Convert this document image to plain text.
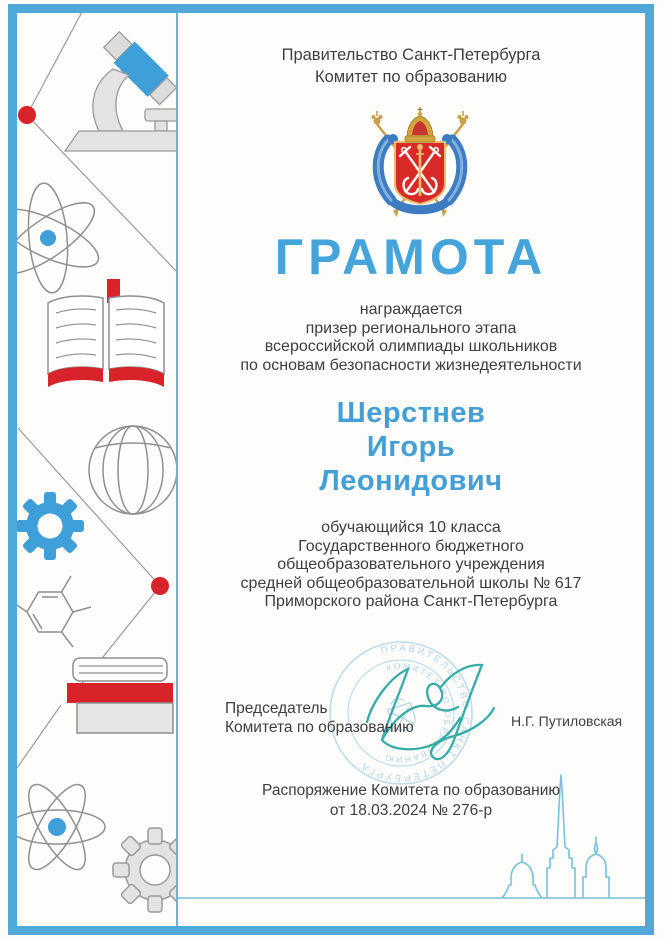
Правительство Санкт-Петербурга
Комитет по образованию
ГРАМОТА
награждается
призер регионального этапа
всероссийской олимпиады школьников
по основам безопасности жизнедеятельности
Шерстнев
Игорь
Леонидович
обучающийся 10 класса
Государственного бюджетного
общеобразовательного учреждения
средней общеобразовательной школы № 617
Приморского района Санкт-Петербурга
ПРАВИТЕЛЬСТВО САНКТ-ПЕТЕРБУРГА
КОМИТЕТ ПО ОБРАЗОВАНИЮ
Председатель
Комитета по образованию	Н.Г. Путиловская
Распоряжение Комитета по образованию
от 18.03.2024 № 276-р
